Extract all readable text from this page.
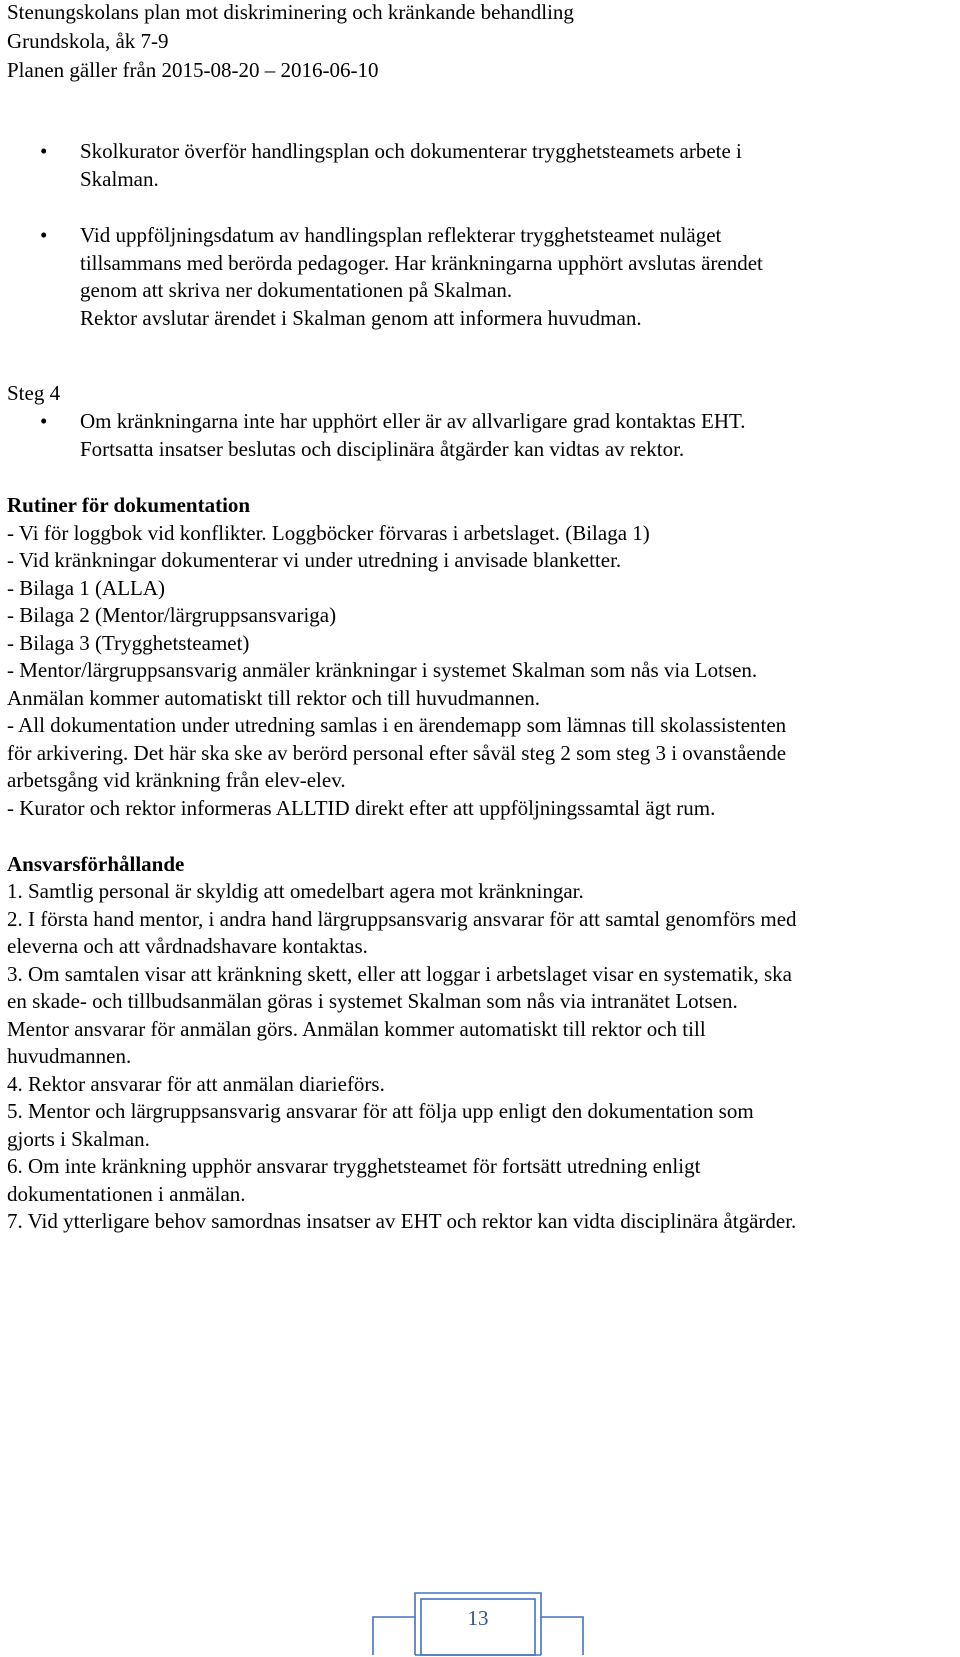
Stenungskolans plan mot diskriminering och kränkande behandling
Grundskola, åk 7-9
Planen gäller från 2015-08-20 – 2016-06-10
• Skolkurator överför handlingsplan och dokumenterar trygghetsteamets arbete i
Skalman.
• Vid uppföljningsdatum av handlingsplan reflekterar trygghetsteamet nuläget
tillsammans med berörda pedagoger. Har kränkningarna upphört avslutas ärendet
genom att skriva ner dokumentationen på Skalman.
Rektor avslutar ärendet i Skalman genom att informera huvudman.
Steg 4
• Om kränkningarna inte har upphört eller är av allvarligare grad kontaktas EHT.
Fortsatta insatser beslutas och disciplinära åtgärder kan vidtas av rektor.
Rutiner för dokumentation
- Vi för loggbok vid konflikter. Loggböcker förvaras i arbetslaget. (Bilaga 1)
- Vid kränkningar dokumenterar vi under utredning i anvisade blanketter.
- Bilaga 1 (ALLA)
- Bilaga 2 (Mentor/lärgruppsansvariga)
- Bilaga 3 (Trygghetsteamet)
- Mentor/lärgruppsansvarig anmäler kränkningar i systemet Skalman som nås via Lotsen.
Anmälan kommer automatiskt till rektor och till huvudmannen.
- All dokumentation under utredning samlas i en ärendemapp som lämnas till skolassistenten
för arkivering. Det här ska ske av berörd personal efter såväl steg 2 som steg 3 i ovanstående
arbetsgång vid kränkning från elev-elev.
- Kurator och rektor informeras ALLTID direkt efter att uppföljningssamtal ägt rum.
Ansvarsförhållande
1. Samtlig personal är skyldig att omedelbart agera mot kränkningar.
2. I första hand mentor, i andra hand lärgruppsansvarig ansvarar för att samtal genomförs med
eleverna och att vårdnadshavare kontaktas.
3. Om samtalen visar att kränkning skett, eller att loggar i arbetslaget visar en systematik, ska
en skade- och tillbudsanmälan göras i systemet Skalman som nås via intranätet Lotsen.
Mentor ansvarar för anmälan görs. Anmälan kommer automatiskt till rektor och till
huvudmannen.
4. Rektor ansvarar för att anmälan diarieförs.
5. Mentor och lärgruppsansvarig ansvarar för att följa upp enligt den dokumentation som
gjorts i Skalman.
6. Om inte kränkning upphör ansvarar trygghetsteamet för fortsätt utredning enligt
dokumentationen i anmälan.
7. Vid ytterligare behov samordnas insatser av EHT och rektor kan vidta disciplinära åtgärder.
13
